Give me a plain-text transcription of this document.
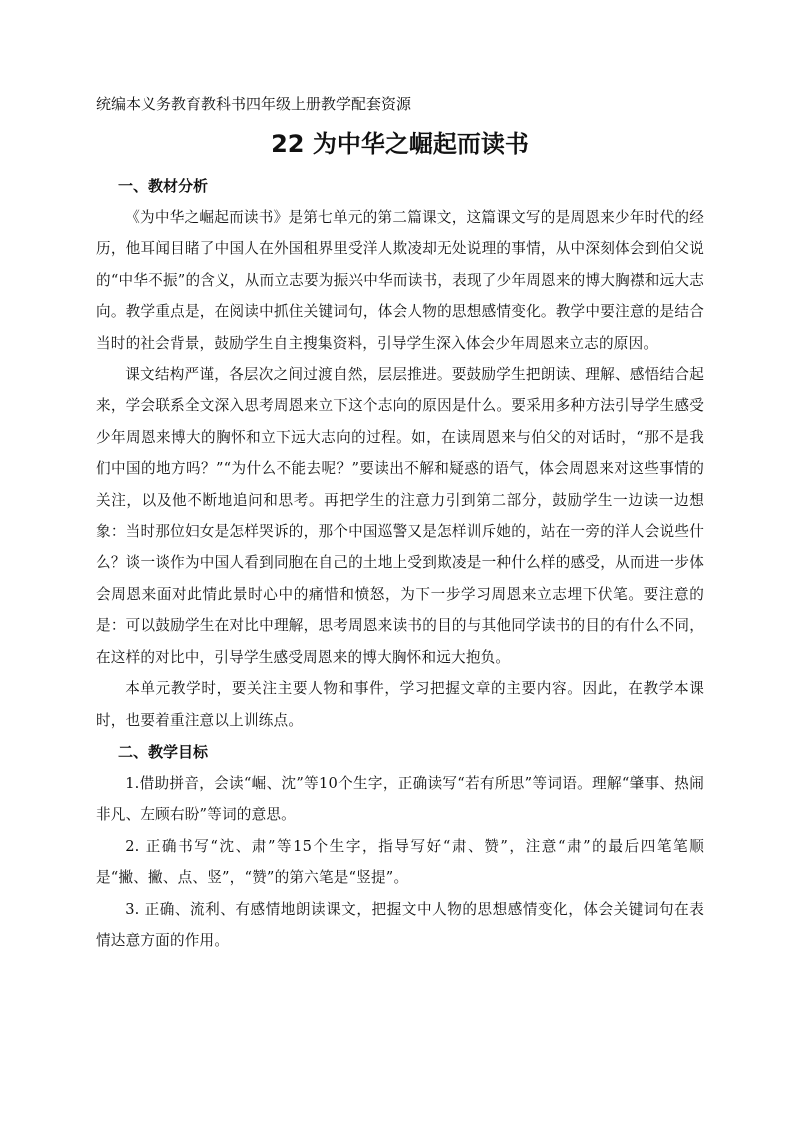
统编本义务教育教科书四年级上册教学配套资源

22 为中华之崛起而读书
一、教材分析

《为中华之崛起而读书》是第七单元的第二篇课文，这篇课文写的是周恩来少年时代的经历，他耳闻目睹了中国人在外国租界里受洋人欺凌却无处说理的事情，从中深刻体会到伯父说的“中华不振”的含义，从而立志要为振兴中华而读书，表现了少年周恩来的博大胸襟和远大志向。教学重点是，在阅读中抓住关键词句，体会人物的思想感情变化。教学中要注意的是结合当时的社会背景，鼓励学生自主搜集资料，引导学生深入体会少年周恩来立志的原因。

课文结构严谨，各层次之间过渡自然，层层推进。要鼓励学生把朗读、理解、感悟结合起来，学会联系全文深入思考周恩来立下这个志向的原因是什么。要采用多种方法引导学生感受少年周恩来博大的胸怀和立下远大志向的过程。如，在读周恩来与伯父的对话时，“那不是我们中国的地方吗？”“为什么不能去呢？”要读出不解和疑惑的语气，体会周恩来对这些事情的关注，以及他不断地追问和思考。再把学生的注意力引到第二部分，鼓励学生一边读一边想象：当时那位妇女是怎样哭诉的，那个中国巡警又是怎样训斥她的，站在一旁的洋人会说些什么？谈一谈作为中国人看到同胞在自己的土地上受到欺凌是一种什么样的感受，从而进一步体会周恩来面对此情此景时心中的痛惜和愤怒，为下一步学习周恩来立志埋下伏笔。要注意的是：可以鼓励学生在对比中理解，思考周恩来读书的目的与其他同学读书的目的有什么不同，在这样的对比中，引导学生感受周恩来的博大胸怀和远大抱负。

本单元教学时，要关注主要人物和事件，学习把握文章的主要内容。因此，在教学本课时，也要着重注意以上训练点。

二、教学目标

1.借助拼音，会读“崛、沈”等10个生字，正确读写“若有所思”等词语。理解“肇事、热闹非凡、左顾右盼”等词的意思。

2. 正确书写“沈、肃”等15个生字，指导写好“肃、赞”，注意“肃”的最后四笔笔顺是“撇、撇、点、竖”，“赞”的第六笔是“竖提”。

3. 正确、流利、有感情地朗读课文，把握文中人物的思想感情变化，体会关键词句在表情达意方面的作用。
